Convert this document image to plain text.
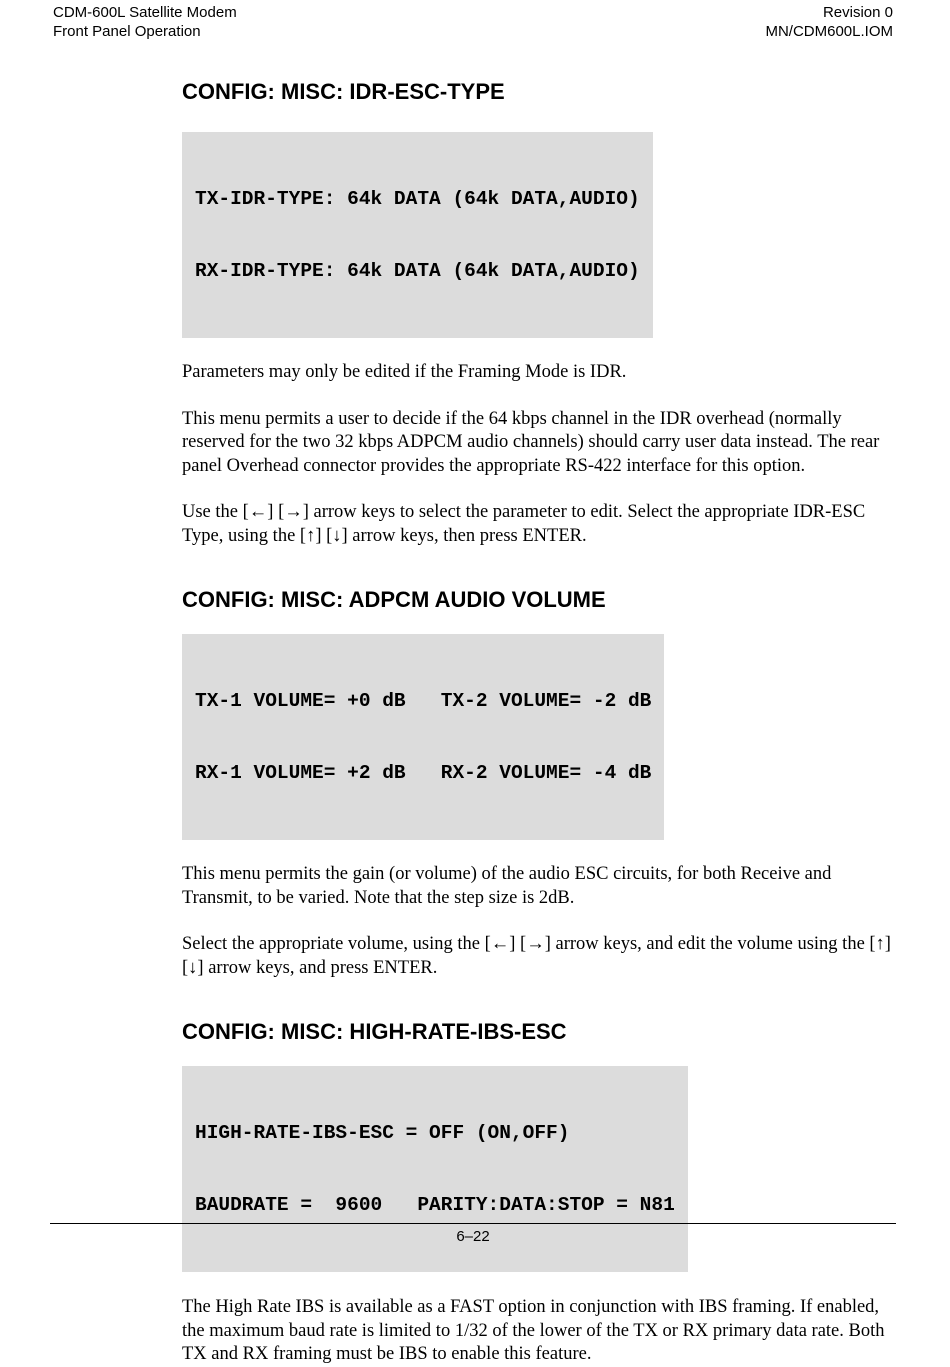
CDM-600L Satellite Modem
Front Panel Operation
Revision 0
MN/CDM600L.IOM
CONFIG: MISC: IDR-ESC-TYPE

TX-IDR-TYPE: 64k DATA (64k DATA,AUDIO)

RX-IDR-TYPE: 64k DATA (64k DATA,AUDIO)

Parameters may only be edited if the Framing Mode is IDR.

This menu permits a user to decide if the 64 kbps channel in the IDR overhead (normally reserved for the two 32 kbps ADPCM audio channels) should carry user data instead. The rear panel Overhead connector provides the appropriate RS-422 interface for this option.

Use the [←] [→] arrow keys to select the parameter to edit. Select the appropriate IDR-ESC Type, using the [↑] [↓] arrow keys, then press ENTER.

CONFIG: MISC: ADPCM AUDIO VOLUME

TX-1 VOLUME= +0 dB   TX-2 VOLUME= -2 dB

RX-1 VOLUME= +2 dB   RX-2 VOLUME= -4 dB

This menu permits the gain (or volume) of the audio ESC circuits, for both Receive and Transmit, to be varied. Note that the step size is 2dB.

Select the appropriate volume, using the [←] [→] arrow keys, and edit the volume using the [↑] [↓] arrow keys, and press ENTER.

CONFIG: MISC: HIGH-RATE-IBS-ESC

HIGH-RATE-IBS-ESC = OFF (ON,OFF)

BAUDRATE =  9600   PARITY:DATA:STOP = N81

The High Rate IBS is available as a FAST option in conjunction with IBS framing. If enabled, the maximum baud rate is limited to 1/32 of the lower of the TX or RX primary data rate. Both TX and RX framing must be IBS to enable this feature.

6–22
